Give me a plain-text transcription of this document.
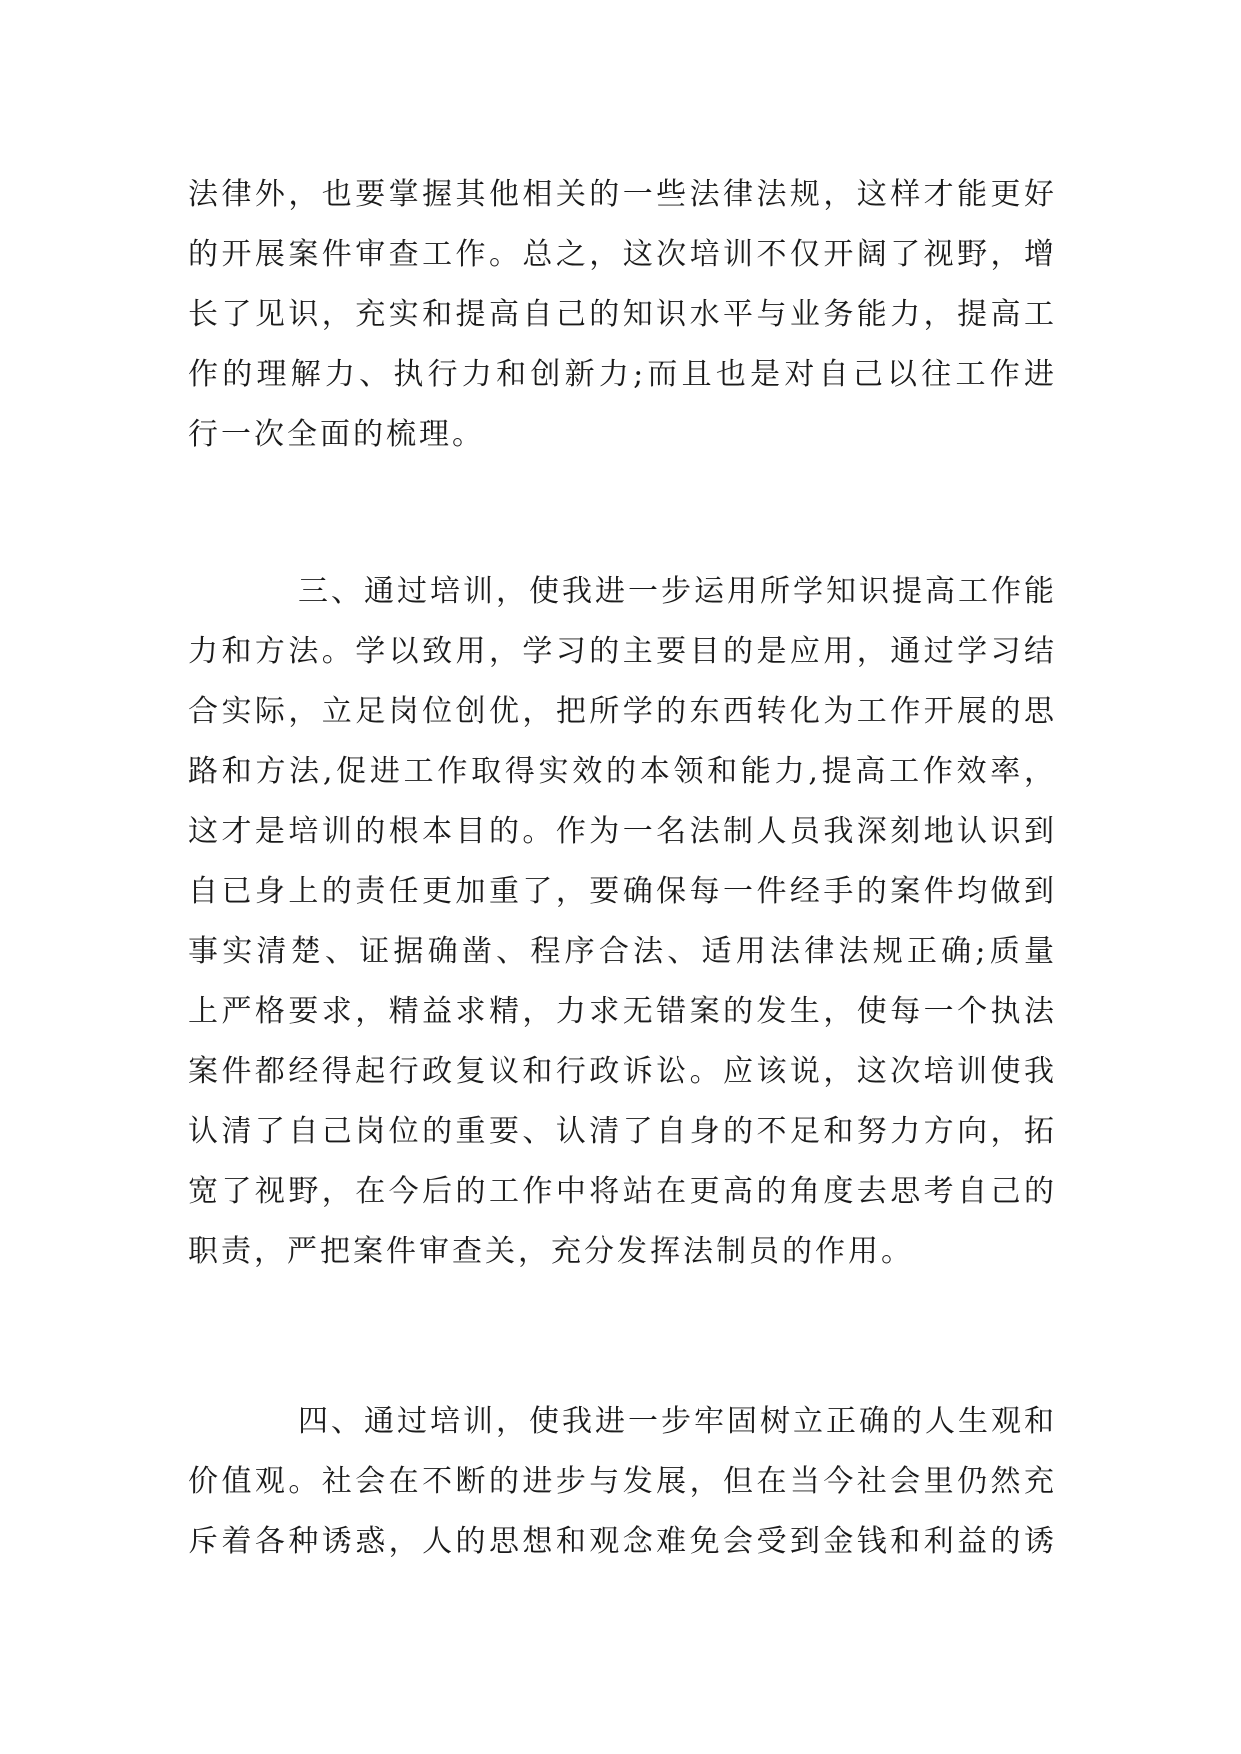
法律外，也要掌握其他相关的一些法律法规，这样才能更好
的开展案件审查工作。总之，这次培训不仅开阔了视野，增
长了见识，充实和提高自己的知识水平与业务能力，提高工
作的理解力、执行力和创新力;而且也是对自己以往工作进
行一次全面的梳理。
三、通过培训，使我进一步运用所学知识提高工作能
力和方法。学以致用，学习的主要目的是应用，通过学习结
合实际，立足岗位创优，把所学的东西转化为工作开展的思
路和方法,促进工作取得实效的本领和能力,提高工作效率，
这才是培训的根本目的。作为一名法制人员我深刻地认识到
自已身上的责任更加重了，要确保每一件经手的案件均做到
事实清楚、证据确凿、程序合法、适用法律法规正确;质量
上严格要求，精益求精，力求无错案的发生，使每一个执法
案件都经得起行政复议和行政诉讼。应该说，这次培训使我
认清了自己岗位的重要、认清了自身的不足和努力方向，拓
宽了视野，在今后的工作中将站在更高的角度去思考自己的
职责，严把案件审查关，充分发挥法制员的作用。
四、通过培训，使我进一步牢固树立正确的人生观和
价值观。社会在不断的进步与发展，但在当今社会里仍然充
斥着各种诱惑，人的思想和观念难免会受到金钱和利益的诱
